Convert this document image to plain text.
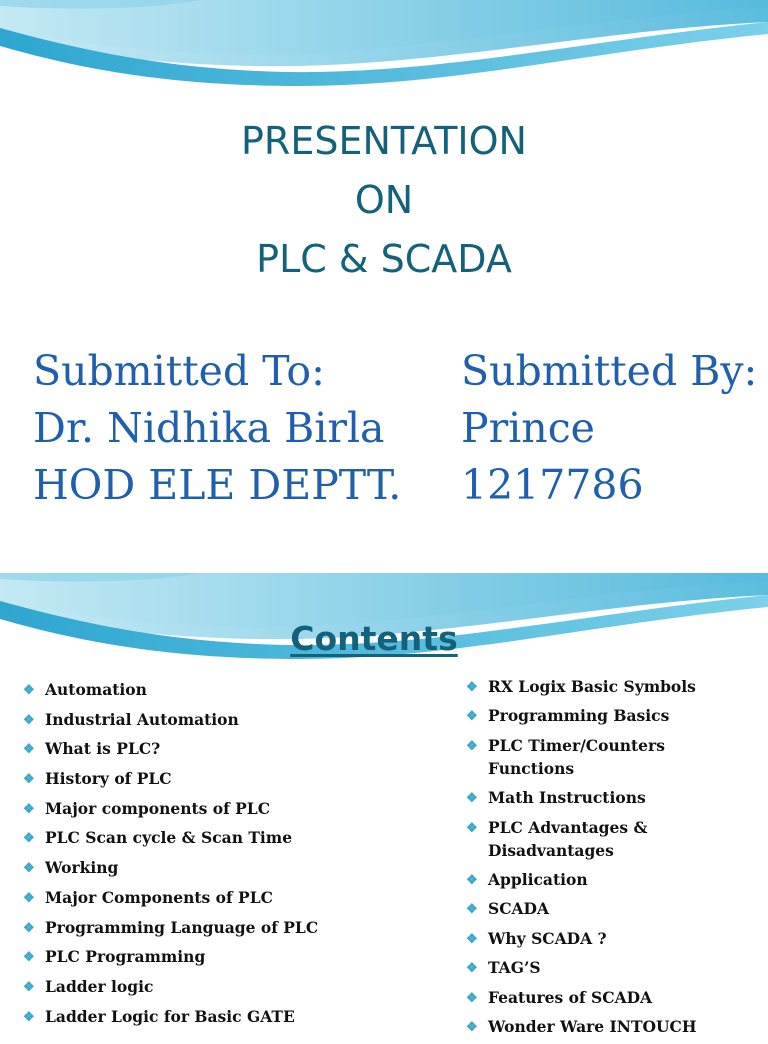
PRESENTATION
ON
PLC & SCADA
Submitted To:
Dr. Nidhika Birla
HOD ELE DEPTT.
Submitted By:
Prince
1217786
Contents
❖ Automation
❖ Industrial Automation
❖ What is PLC?
❖ History of PLC
❖ Major components of PLC
❖ PLC Scan cycle & Scan Time
❖ Working
❖ Major Components of PLC
❖ Programming Language of PLC
❖ PLC Programming
❖ Ladder logic
❖ Ladder Logic for Basic GATE
❖ RX Logix Basic Symbols
❖ Programming Basics
❖ PLC Timer/Counters
Functions
❖ Math Instructions
❖ PLC Advantages &
Disadvantages
❖ Application
❖ SCADA
❖ Why SCADA ?
❖ TAG’S
❖ Features of SCADA
❖ Wonder Ware INTOUCH
